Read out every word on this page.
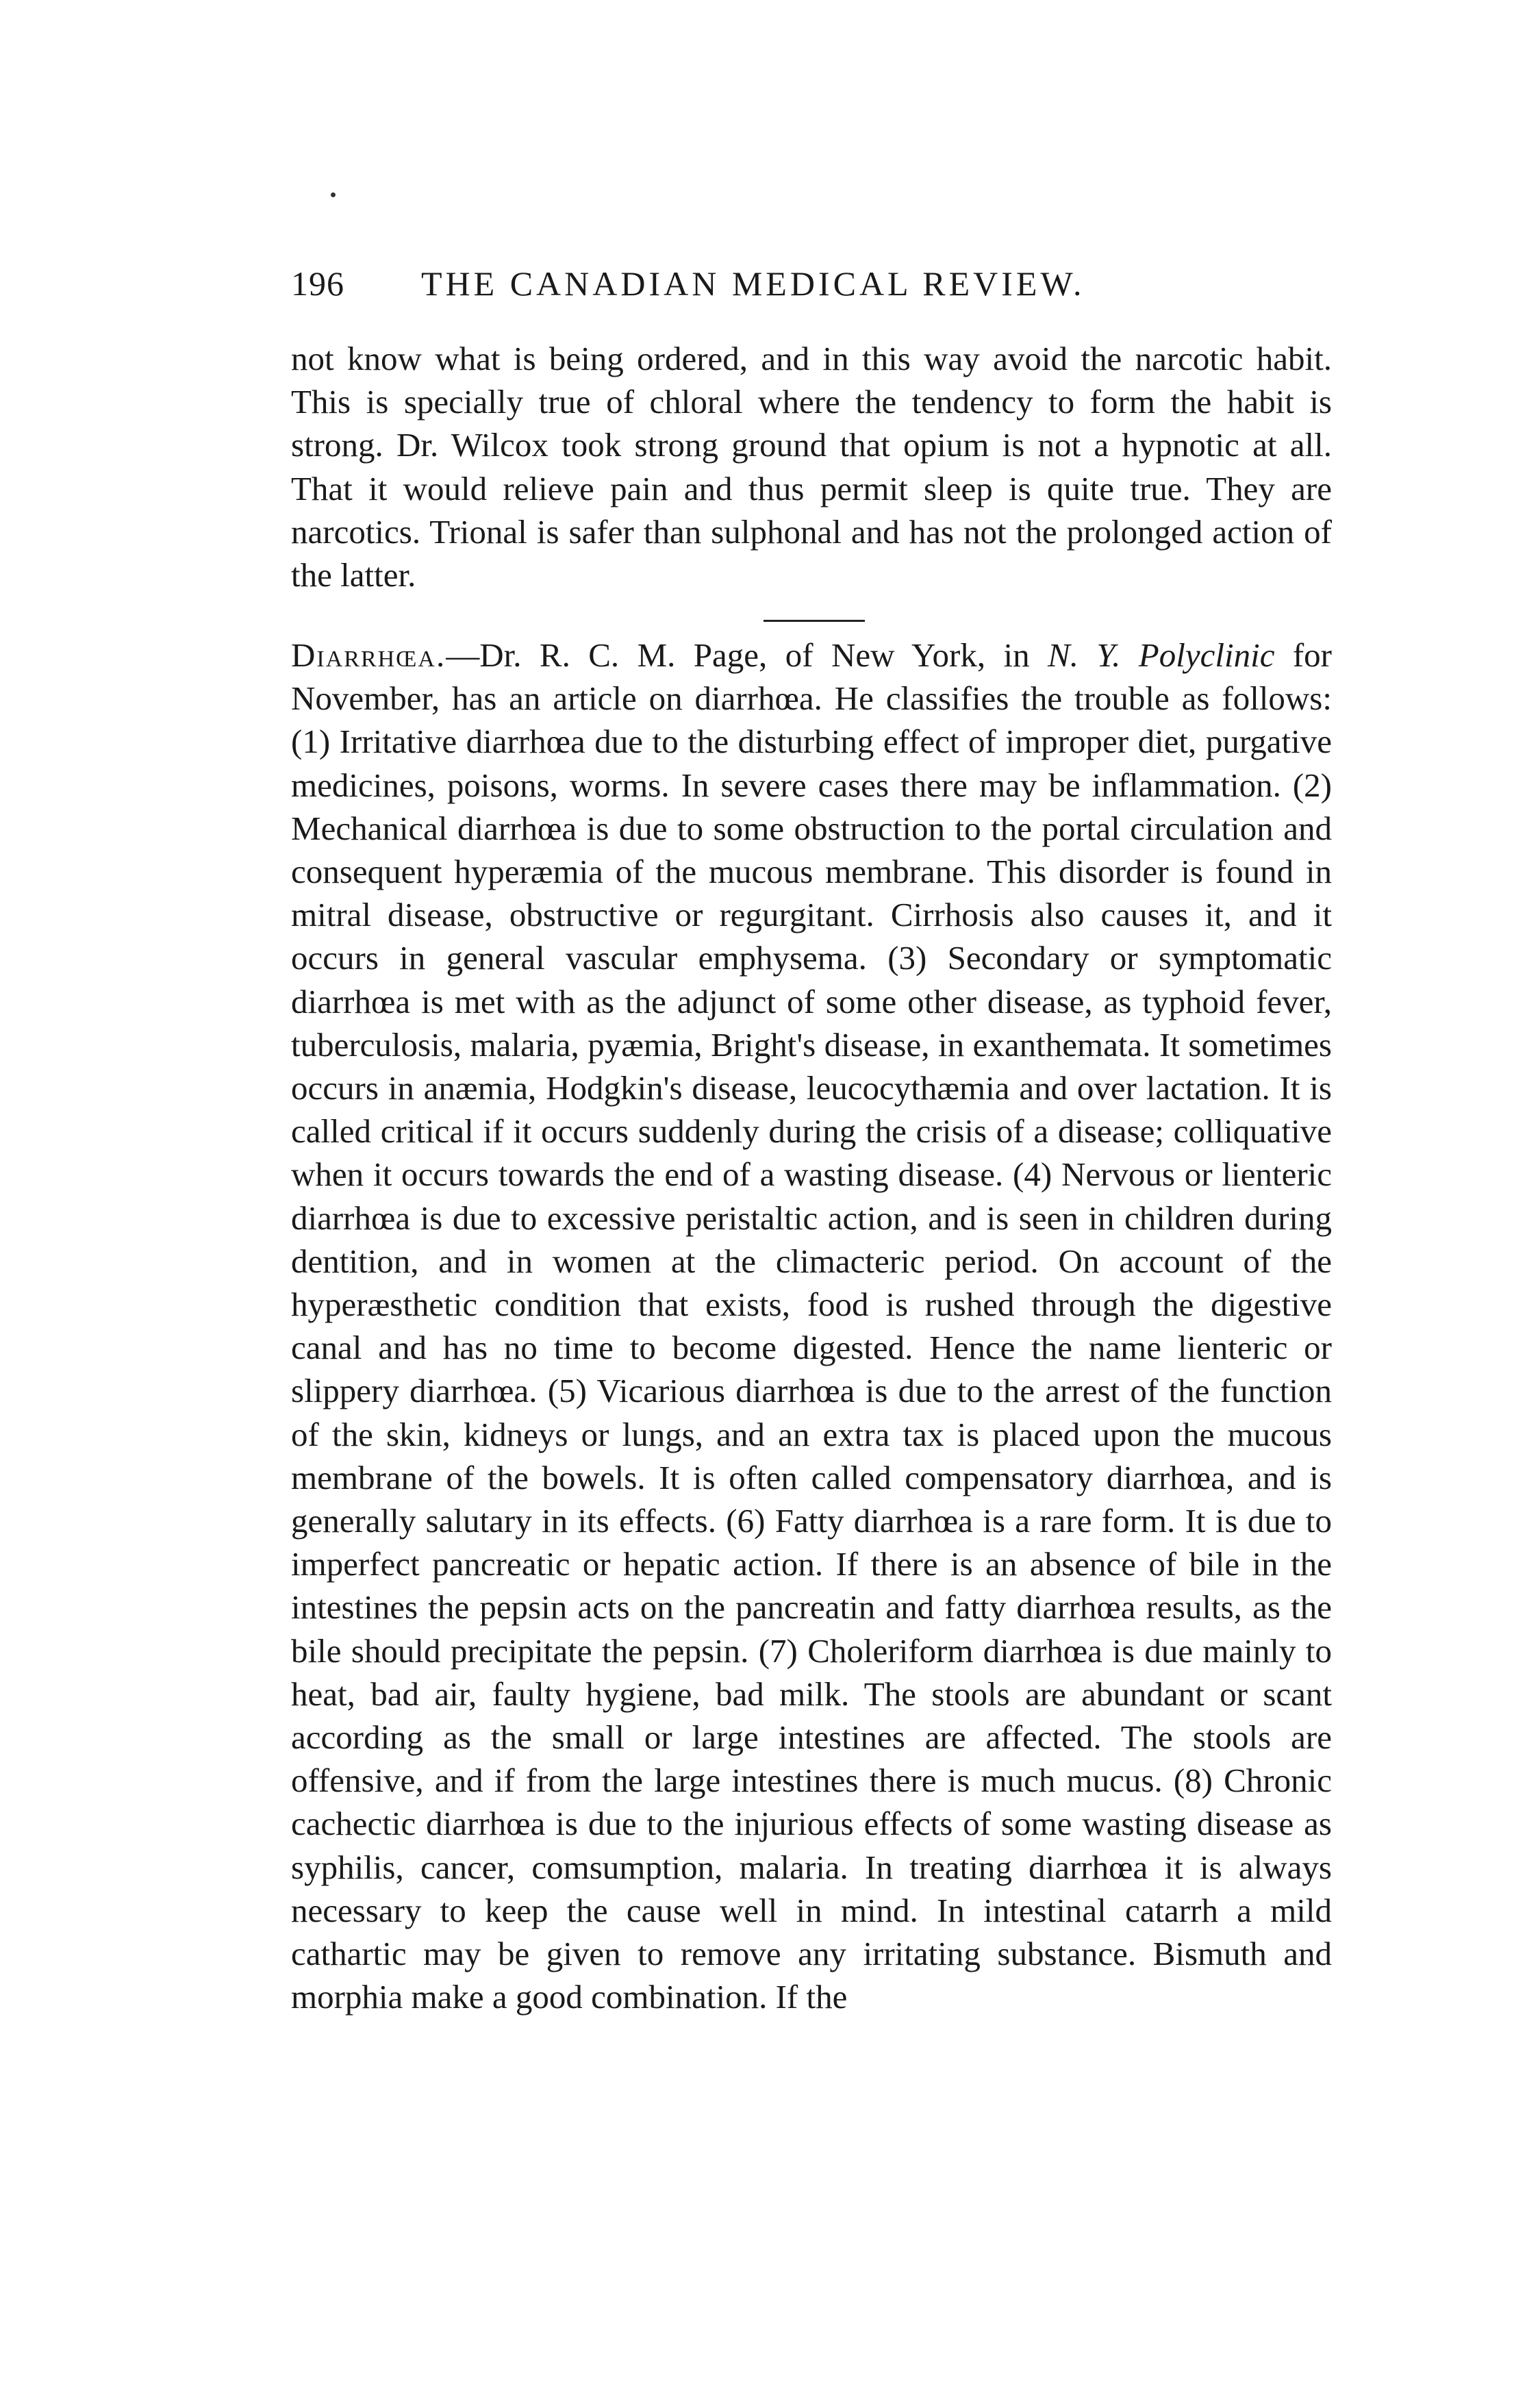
196 THE CANADIAN MEDICAL REVIEW.

not know what is being ordered, and in this way avoid the narcotic habit. This is specially true of chloral where the tendency to form the habit is strong. Dr. Wilcox took strong ground that opium is not a hypnotic at all. That it would relieve pain and thus permit sleep is quite true. They are narcotics. Trional is safer than sulphonal and has not the prolonged action of the latter.

Diarrhœa.—Dr. R. C. M. Page, of New York, in N. Y. Polyclinic for November, has an article on diarrhœa. He classifies the trouble as follows: (1) Irritative diarrhœa due to the disturbing effect of improper diet, purgative medicines, poisons, worms. In severe cases there may be inflammation. (2) Mechanical diarrhœa is due to some obstruction to the portal circulation and consequent hyperæmia of the mucous membrane. This disorder is found in mitral disease, obstructive or regurgitant. Cirrhosis also causes it, and it occurs in general vascular emphysema. (3) Secondary or symptomatic diarrhœa is met with as the adjunct of some other disease, as typhoid fever, tuberculosis, malaria, pyæmia, Bright's disease, in exanthemata. It sometimes occurs in anæmia, Hodgkin's disease, leucocythæmia and over lactation. It is called critical if it occurs suddenly during the crisis of a disease; colliquative when it occurs towards the end of a wasting disease. (4) Nervous or lienteric diarrhœa is due to excessive peristaltic action, and is seen in children during dentition, and in women at the climacteric period. On account of the hyperæsthetic condition that exists, food is rushed through the digestive canal and has no time to become digested. Hence the name lienteric or slippery diarrhœa. (5) Vicarious diarrhœa is due to the arrest of the function of the skin, kidneys or lungs, and an extra tax is placed upon the mucous membrane of the bowels. It is often called compensatory diarrhœa, and is generally salutary in its effects. (6) Fatty diarrhœa is a rare form. It is due to imperfect pancreatic or hepatic action. If there is an absence of bile in the intestines the pepsin acts on the pancreatin and fatty diarrhœa results, as the bile should precipitate the pepsin. (7) Choleriform diarrhœa is due mainly to heat, bad air, faulty hygiene, bad milk. The stools are abundant or scant according as the small or large intestines are affected. The stools are offensive, and if from the large intestines there is much mucus. (8) Chronic cachectic diarrhœa is due to the injurious effects of some wasting disease as syphilis, cancer, comsumption, malaria. In treating diarrhœa it is always necessary to keep the cause well in mind. In intestinal catarrh a mild cathartic may be given to remove any irritating substance. Bismuth and morphia make a good combination. If the
